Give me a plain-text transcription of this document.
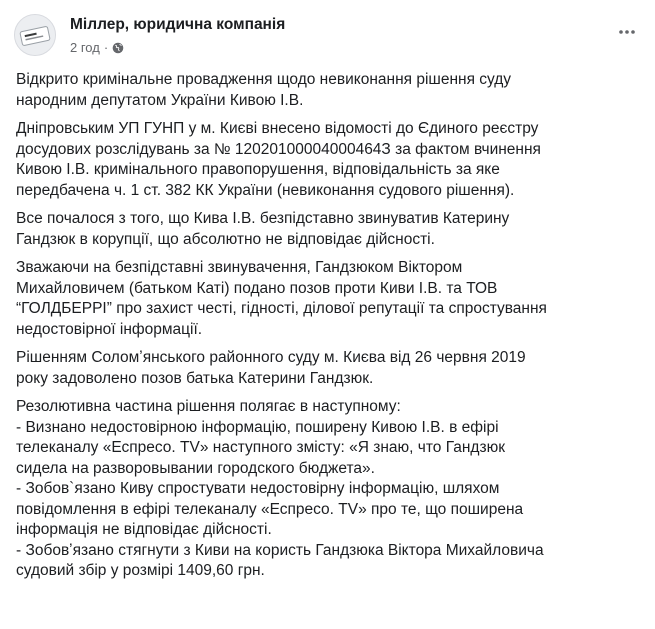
Міллер, юридична компанія
2 год ·

Відкрито кримінальне провадження щодо невиконання рішення суду
народним депутатом України Кивою І.В.

Дніпровським УП ГУНП у м. Києві внесено відомості до Єдиного реєстру
досудових розслідувань за № 12020100004000464З за фактом вчинення
Кивою І.В. кримінального правопорушення, відповідальність за яке
передбачена ч. 1 ст. 382 КК України (невиконання судового рішення).

Все почалося з того, що Кива І.В. безпідставно звинуватив Катерину
Гандзюк в корупції, що абсолютно не відповідає дійсності.

Зважаючи на безпідставні звинувачення, Гандзюком Віктором
Михайловичем (батьком Каті) подано позов проти Киви І.В. та ТОВ
“ГОЛДБЕРРІ” про захист честі, гідності, ділової репутації та спростування
недостовірної інформації.

Рішенням Соломʼянського районного суду м. Києва від 26 червня 2019
року задоволено позов батька Катерини Гандзюк.

Резолютивна частина рішення полягає в наступному:
- Визнано недостовірною інформацію, поширену Кивою І.В. в ефірі
телеканалу «Еспресо. TV» наступного змісту: «Я знаю, что Гандзюк
сидела на разворовывании городского бюджета».
- Зобов`язано Киву спростувати недостовірну інформацію, шляхом
повідомлення в ефірі телеканалу «Еспресо. TV» про те, що поширена
інформація не відповідає дійсності.
- Зобовʼязано стягнути з Киви на користь Гандзюка Віктора Михайловича
судовий збір у розмірі 1409,60 грн.
